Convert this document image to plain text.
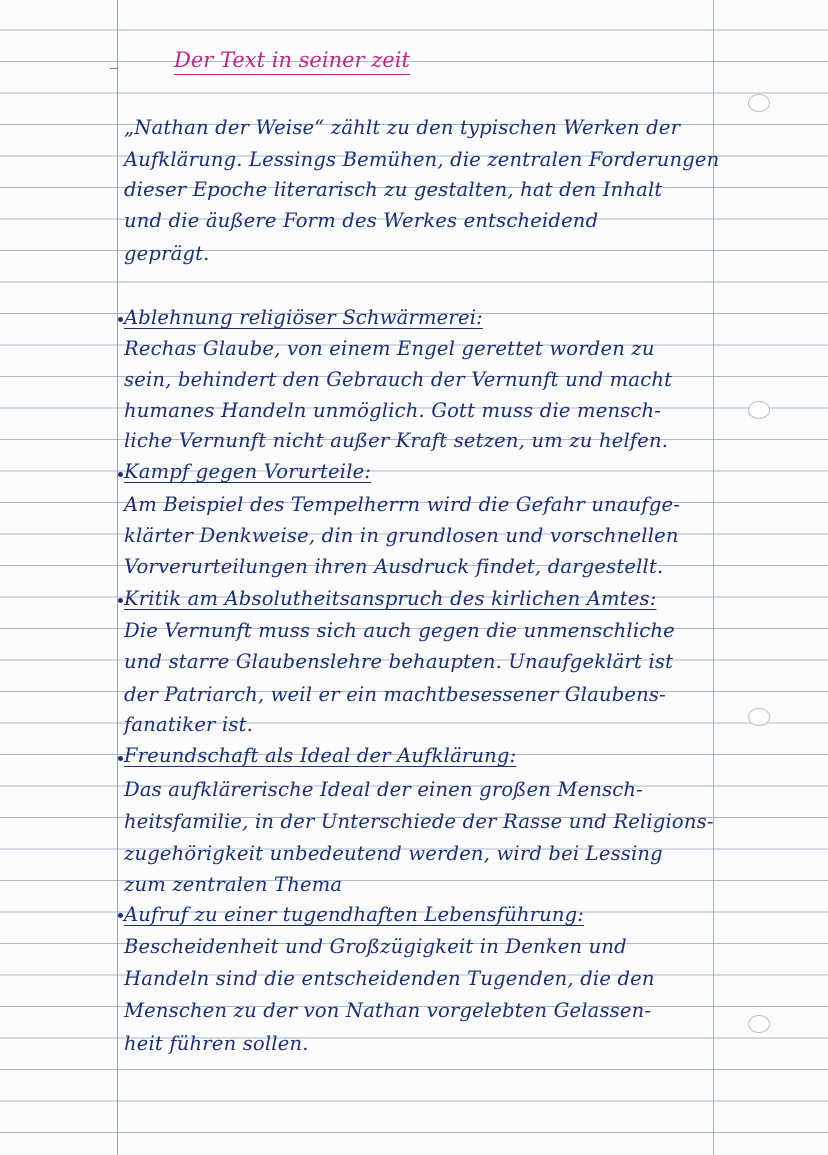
Der Text in seiner zeit
„Nathan der Weise“ zählt zu den typischen Werken der
Aufklärung. Lessings Bemühen, die zentralen Forderungen
dieser Epoche literarisch zu gestalten, hat den Inhalt
und die äußere Form des Werkes entscheidend
geprägt.
Ablehnung religiöser Schwärmerei:
Rechas Glaube, von einem Engel gerettet worden zu
sein, behindert den Gebrauch der Vernunft und macht
humanes Handeln unmöglich. Gott muss die mensch-
liche Vernunft nicht außer Kraft setzen, um zu helfen.
Kampf gegen Vorurteile:
Am Beispiel des Tempelherrn wird die Gefahr unaufge-
klärter Denkweise, din in grundlosen und vorschnellen
Vorverurteilungen ihren Ausdruck findet, dargestellt.
Kritik am Absolutheitsanspruch des kirlichen Amtes:
Die Vernunft muss sich auch gegen die unmenschliche
und starre Glaubenslehre behaupten. Unaufgeklärt ist
der Patriarch, weil er ein machtbesessener Glaubens-
fanatiker ist.
Freundschaft als Ideal der Aufklärung:
Das aufklärerische Ideal der einen großen Mensch-
heitsfamilie, in der Unterschiede der Rasse und Religions-
zugehörigkeit unbedeutend werden, wird bei Lessing
zum zentralen Thema
Aufruf zu einer tugendhaften Lebensführung:
Bescheidenheit und Großzügigkeit in Denken und
Handeln sind die entscheidenden Tugenden, die den
Menschen zu der von Nathan vorgelebten Gelassen-
heit führen sollen.
